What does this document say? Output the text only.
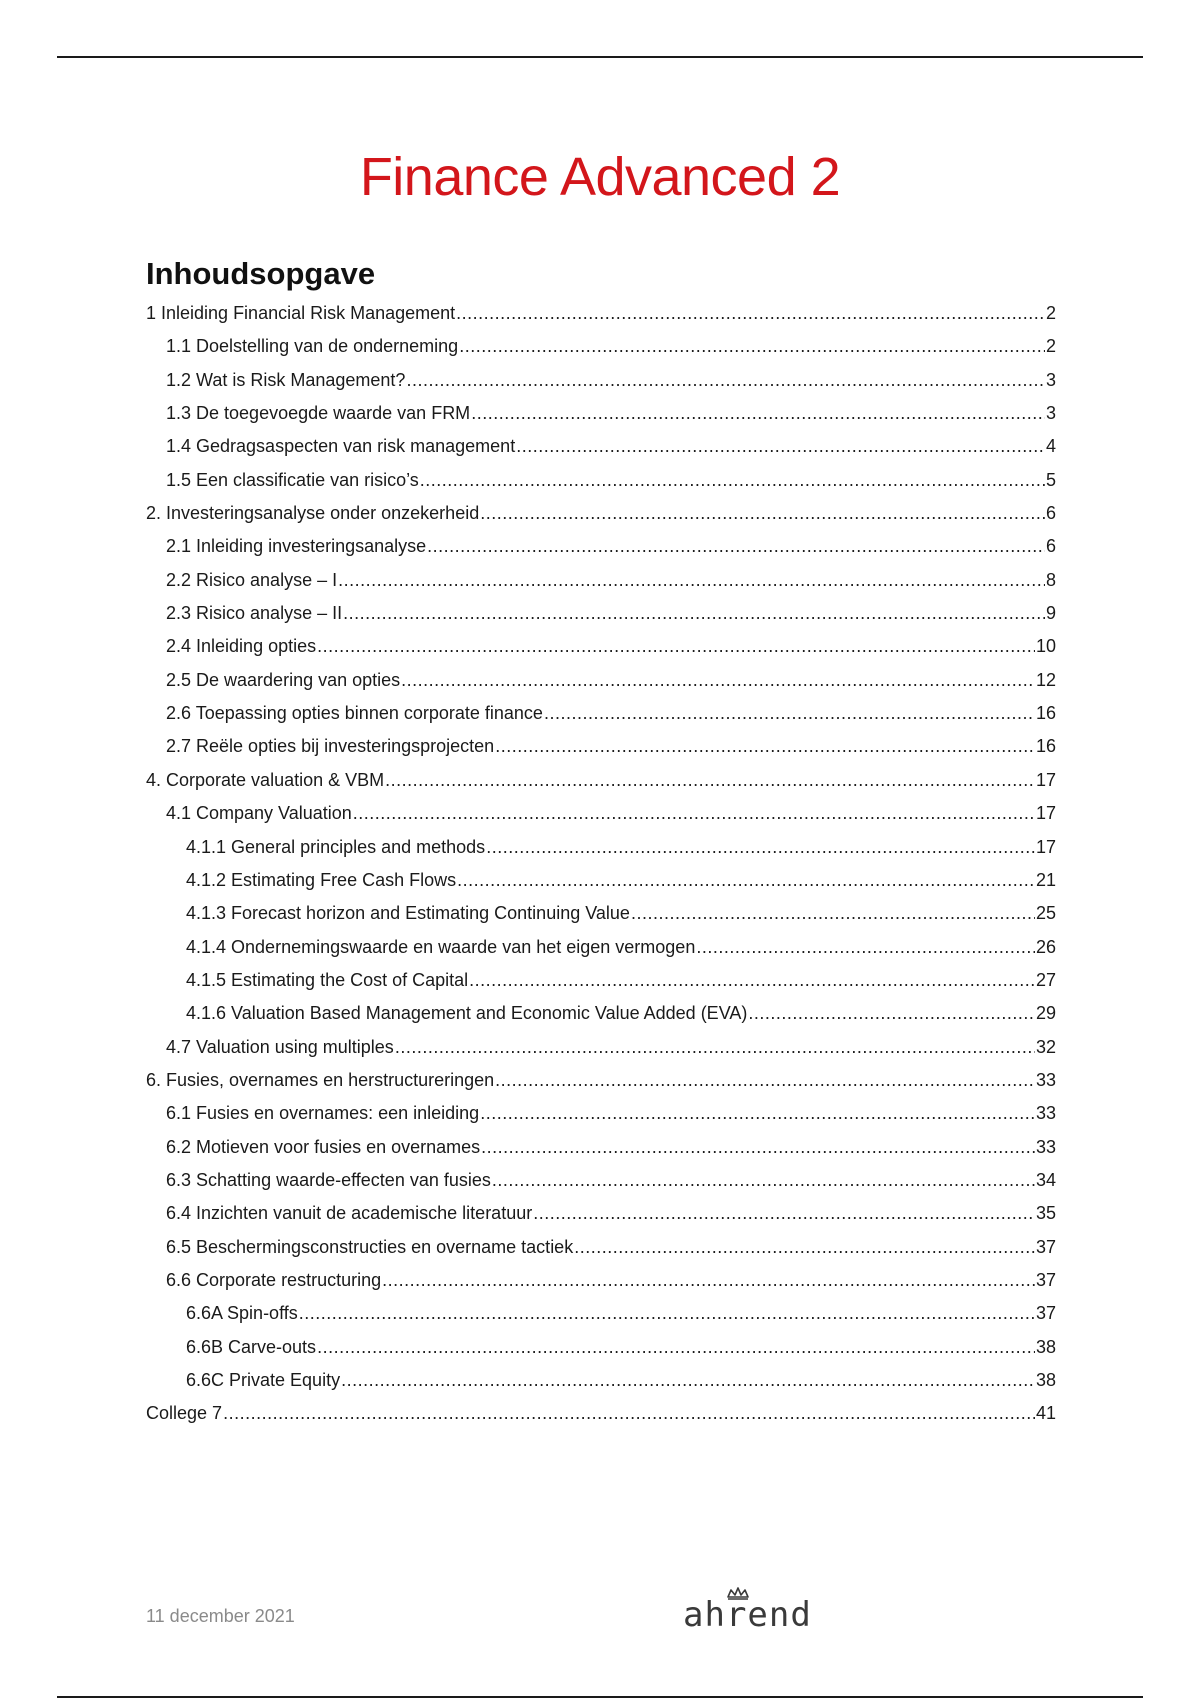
Finance Advanced 2
Inhoudsopgave
1 Inleiding Financial Risk Management .....	2
1.1 Doelstelling van de onderneming .....	2
1.2 Wat is Risk Management? .....	3
1.3 De toegevoegde waarde van FRM .....	3
1.4 Gedragsaspecten van risk management .....	4
1.5 Een classificatie van risico’s .....	5
2. Investeringsanalyse onder onzekerheid .....	6
2.1 Inleiding investeringsanalyse .....	6
2.2 Risico analyse – I .....	8
2.3 Risico analyse – II .....	9
2.4 Inleiding opties .....	10
2.5 De waardering van opties .....	12
2.6 Toepassing opties binnen corporate finance .....	16
2.7 Reële opties bij investeringsprojecten .....	16
4. Corporate valuation & VBM .....	17
4.1 Company Valuation .....	17
4.1.1 General principles and methods .....	17
4.1.2 Estimating Free Cash Flows .....	21
4.1.3 Forecast horizon and Estimating Continuing Value .....	25
4.1.4 Ondernemingswaarde en waarde van het eigen vermogen .....	26
4.1.5 Estimating the Cost of Capital .....	27
4.1.6 Valuation Based Management and Economic Value Added (EVA) .....	29
4.7 Valuation using multiples .....	32
6. Fusies, overnames en herstructureringen .....	33
6.1 Fusies en overnames: een inleiding .....	33
6.2 Motieven voor fusies en overnames .....	33
6.3 Schatting waarde-effecten van fusies .....	34
6.4 Inzichten vanuit de academische literatuur .....	35
6.5 Beschermingsconstructies en overname tactiek .....	37
6.6 Corporate restructuring .....	37
6.6A Spin-offs .....	37
6.6B Carve-outs .....	38
6.6C Private Equity .....	38
College 7 .....	41
11 december 2021	ahrend
